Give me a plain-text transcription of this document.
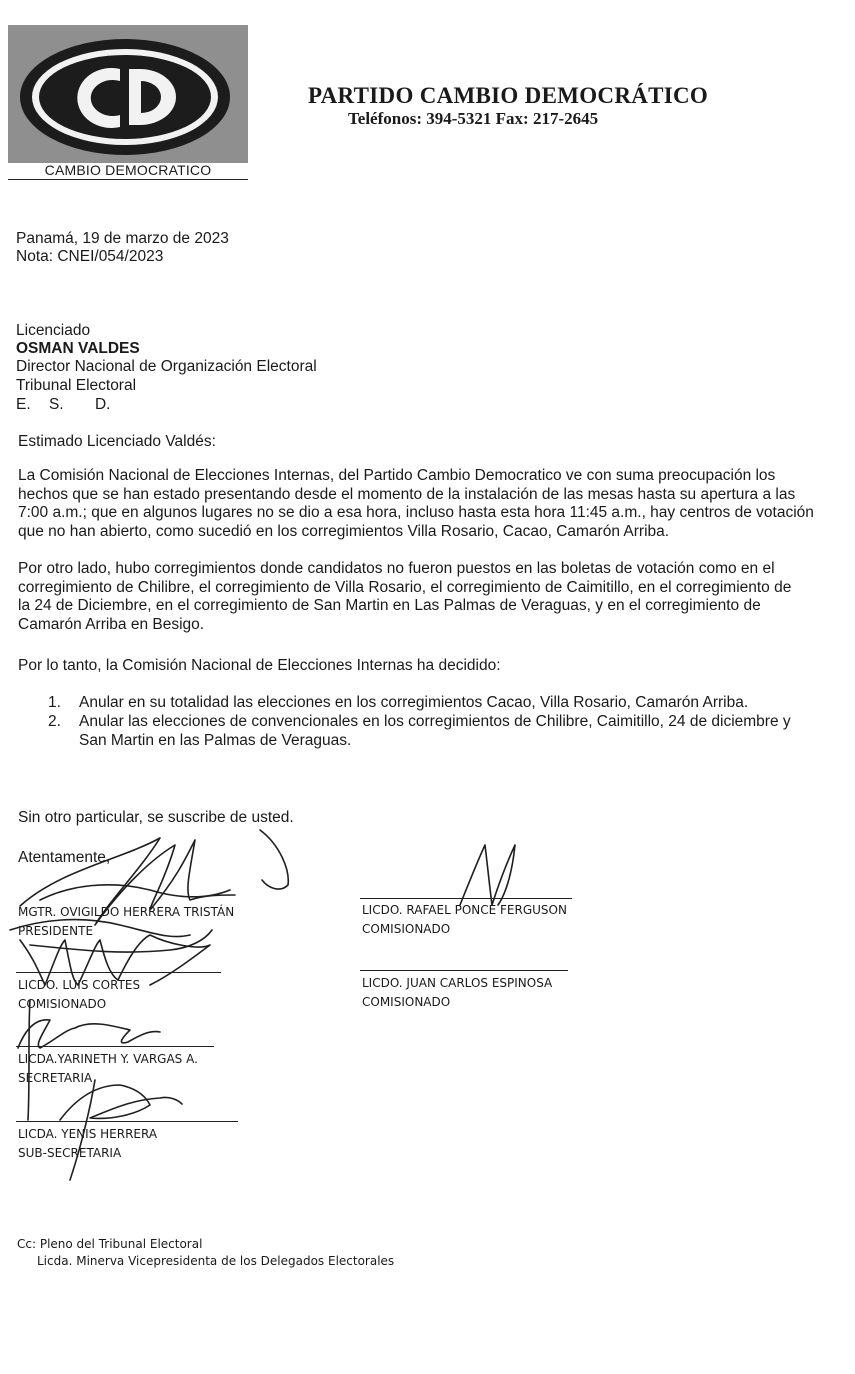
CD
CAMBIO DEMOCRATICO
PARTIDO CAMBIO DEMOCRÁTICO
Teléfonos: 394-5321 Fax: 217-2645
Panamá, 19 de marzo de 2023
Nota: CNEI/054/2023
Licenciado
OSMAN VALDES
Director Nacional de Organización Electoral
Tribunal Electoral
E. S. D.
Estimado Licenciado Valdés:
La Comisión Nacional de Elecciones Internas, del Partido Cambio Democratico ve con suma preocupación los
hechos que se han estado presentando desde el momento de la instalación de las mesas hasta su apertura a las
7:00 a.m.; que en algunos lugares no se dio a esa hora, incluso hasta esta hora 11:45 a.m., hay centros de votación
que no han abierto, como sucedió en los corregimientos Villa Rosario, Cacao, Camarón Arriba.
Por otro lado, hubo corregimientos donde candidatos no fueron puestos en las boletas de votación como en el
corregimiento de Chilibre, el corregimiento de Villa Rosario, el corregimiento de Caimitillo, en el corregimiento de
la 24 de Diciembre, en el corregimiento de San Martin en Las Palmas de Veraguas, y en el corregimiento de
Camarón Arriba en Besigo.
Por lo tanto, la Comisión Nacional de Elecciones Internas ha decidido:
1. Anular en su totalidad las elecciones en los corregimientos Cacao, Villa Rosario, Camarón Arriba.
2. Anular las elecciones de convencionales en los corregimientos de Chilibre, Caimitillo, 24 de diciembre y
San Martin en las Palmas de Veraguas.
Sin otro particular, se suscribe de usted.
Atentamente,
MGTR. OVIGILDO HERRERA TRISTÁN
PRESIDENTE
LICDO. LUIS CORTES
COMISIONADO
LICDA.YARINETH Y. VARGAS A.
SECRETARIA
LICDA. YENIS HERRERA
SUB-SECRETARIA
LICDO. RAFAEL PONCE FERGUSON
COMISIONADO
LICDO. JUAN CARLOS ESPINOSA
COMISIONADO
Cc: Pleno del Tribunal Electoral
Licda. Minerva Vicepresidenta de los Delegados Electorales
